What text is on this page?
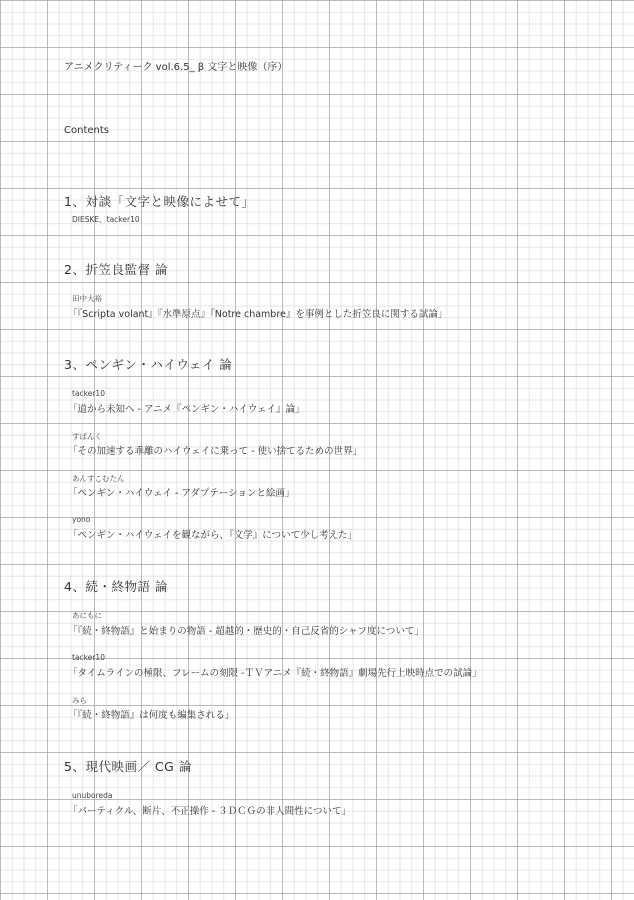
アニメクリティーク vol.6.5_ β 文字と映像（序）
Contents
1、対談「文字と映像によせて」
DIESKE、tacker10
2、折笠良監督 論
田中大裕
「『Scripta volant』『水準原点』『Notre chambre』を事例とした折笠良に関する試論」
3、ペンギン・ハイウェイ 論
tacker10
「道から未知へ - アニメ『ペンギン・ハイウェイ』論」
すぱんく
「その加速する乖離のハイウェイに乗って - 使い捨てるための世界」
あんすこむたん
「ペンギン・ハイウェイ - アダプテーションと絵画」
yono
「ペンギン・ハイウェイを観ながら、『文学』について少し考えた」
4、続・終物語 論
あにもに
「『続・終物語』と始まりの物語 - 超越的・歴史的・自己反省的シャフ度について」
tacker10
「タイムラインの極限、フレームの刻限 -ＴＶアニメ『続・終物語』劇場先行上映時点での試論」
みら
「『続・終物語』は何度も編集される」
5、現代映画／ CG 論
unuboreda
「パーティクル、断片、不正操作 - ３ＤＣＧの非人間性について」
